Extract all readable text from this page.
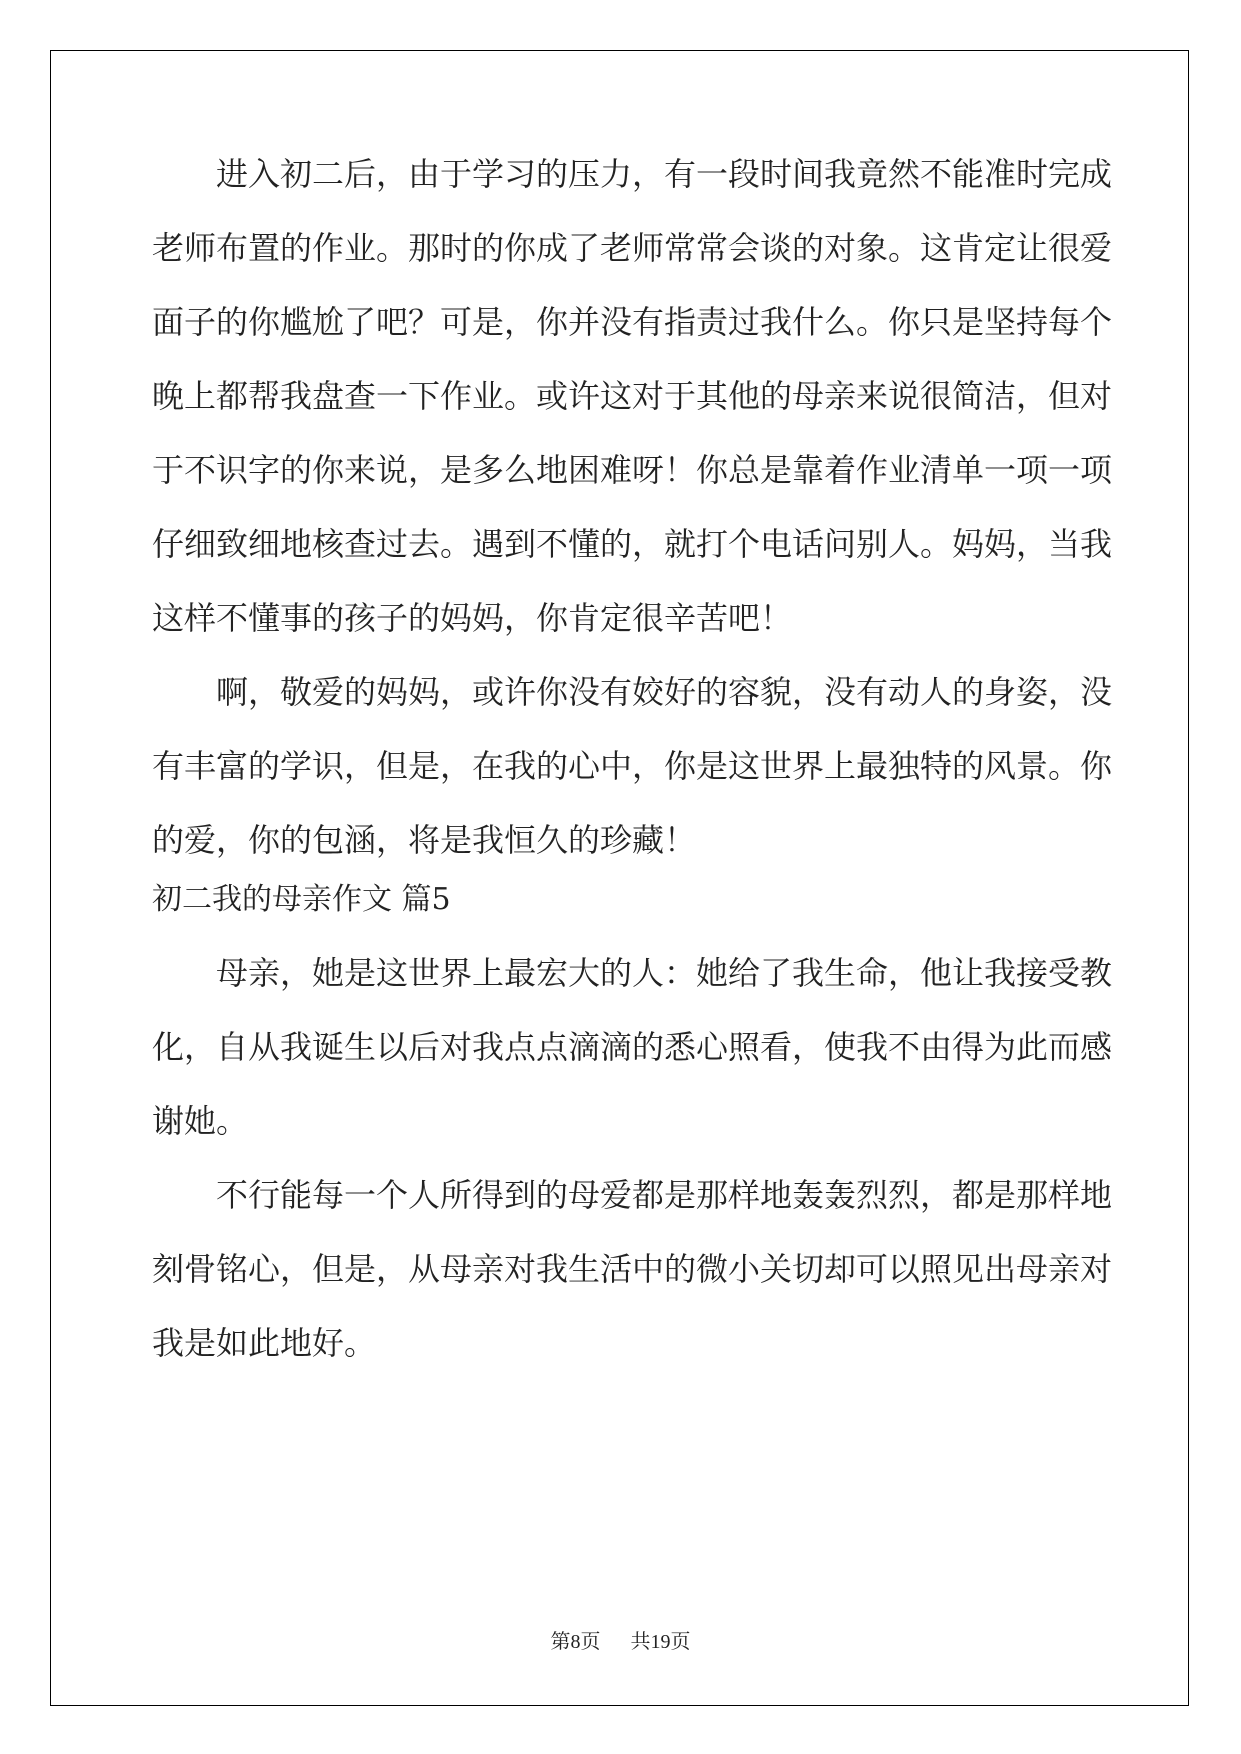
　　进入初二后，由于学习的压力，有一段时间我竟然不能准时完成
老师布置的作业。那时的你成了老师常常会谈的对象。这肯定让很爱
面子的你尴尬了吧？可是，你并没有指责过我什么。你只是坚持每个
晚上都帮我盘查一下作业。或许这对于其他的母亲来说很简洁，但对
于不识字的你来说，是多么地困难呀！你总是靠着作业清单一项一项
仔细致细地核查过去。遇到不懂的，就打个电话问别人。妈妈，当我
这样不懂事的孩子的妈妈，你肯定很辛苦吧！
　　啊，敬爱的妈妈，或许你没有姣好的容貌，没有动人的身姿，没
有丰富的学识，但是，在我的心中，你是这世界上最独特的风景。你
的爱，你的包涵，将是我恒久的珍藏！
初二我的母亲作文 篇5
　　母亲，她是这世界上最宏大的人：她给了我生命，他让我接受教
化，自从我诞生以后对我点点滴滴的悉心照看，使我不由得为此而感
谢她。
　　不行能每一个人所得到的母爱都是那样地轰轰烈烈，都是那样地
刻骨铭心，但是，从母亲对我生活中的微小关切却可以照见出母亲对
我是如此地好。
第8页 共19页
